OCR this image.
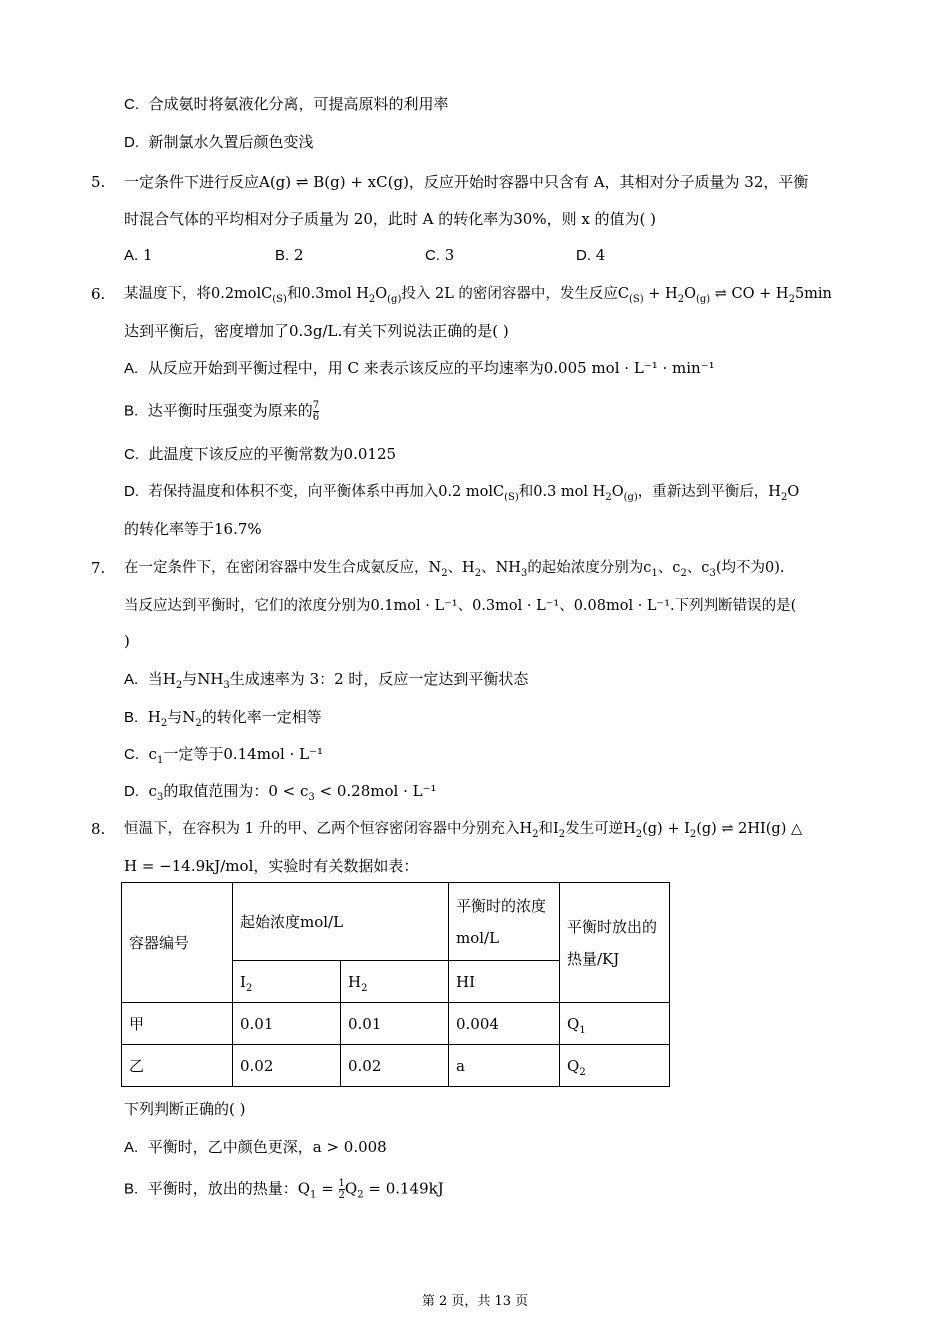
C. 合成氨时将氨液化分离，可提高原料的利用率
D. 新制氯水久置后颜色变浅
5. 一定条件下进行反应A(g) ⇌ B(g) + xC(g)，反应开始时容器中只含有 A，其相对分子质量为 32，平衡
时混合气体的平均相对分子质量为 20，此时 A 的转化率为30%，则 x 的值为( )
A. 1	B. 2	C. 3	D. 4
6. 某温度下，将0.2molC$_{(S)}$和0.3mol $H_2O_{(g)}$投入 2L 的密闭容器中，发生反应$C_{(S)} + H_2O_{(g)}$ ⇌ CO + $H_25\min$
达到平衡后，密度增加了0.3g/L.有关下列说法正确的是( )
A. 从反应开始到平衡过程中，用 C 来表示该反应的平均速率为0.005 mol · L⁻¹ · min⁻¹
B. 达平衡时压强变为原来的 $\frac{7}{6}$
C. 此温度下该反应的平衡常数为0.0125
D. 若保持温度和体积不变，向平衡体系中再加入0.2 molC$_{(S)}$和0.3 mol $H_2O_{(g)}$，重新达到平衡后，$H_2O$
的转化率等于16.7%
7. 在一定条件下，在密闭容器中发生合成氨反应，$N_2$、$H_2$、$NH_3$的起始浓度分别为$c_1$、$c_2$、$c_3$(均不为0).
当反应达到平衡时，它们的浓度分别为0.1mol · L⁻¹、0.3mol · L⁻¹、0.08mol · L⁻¹.下列判断错误的是(
)
A. 当$H_2$与$NH_3$生成速率为 3：2 时，反应一定达到平衡状态
B. $H_2$与$N_2$的转化率一定相等
C. $c_1$一定等于0.14mol · L⁻¹
D. $c_3$的取值范围为：$0 < c_3 < 0.28mol \cdot L^{-1}$
8. 恒温下，在容积为 1 升的甲、乙两个恒容密闭容器中分别充入$H_2$和$I_2$发生可逆$H_2(g) + I_2(g)$ ⇌ 2HI(g) △
H = −14.9kJ/mol，实验时有关数据如表：
容器编号	起始浓度mol/L		平衡时的浓度
mol/L	平衡时放出的
热量/KJ
	$I_2$	$H_2$	HI	
甲	0.01	0.01	0.004	$Q_1$
乙	0.02	0.02	a	$Q_2$
下列判断正确的( )
A. 平衡时，乙中颜色更深，a > 0.008
B. 平衡时，放出的热量：$Q_1 = \frac{1}{2} Q_2 = 0.149kJ$
第 2 页，共 13 页
